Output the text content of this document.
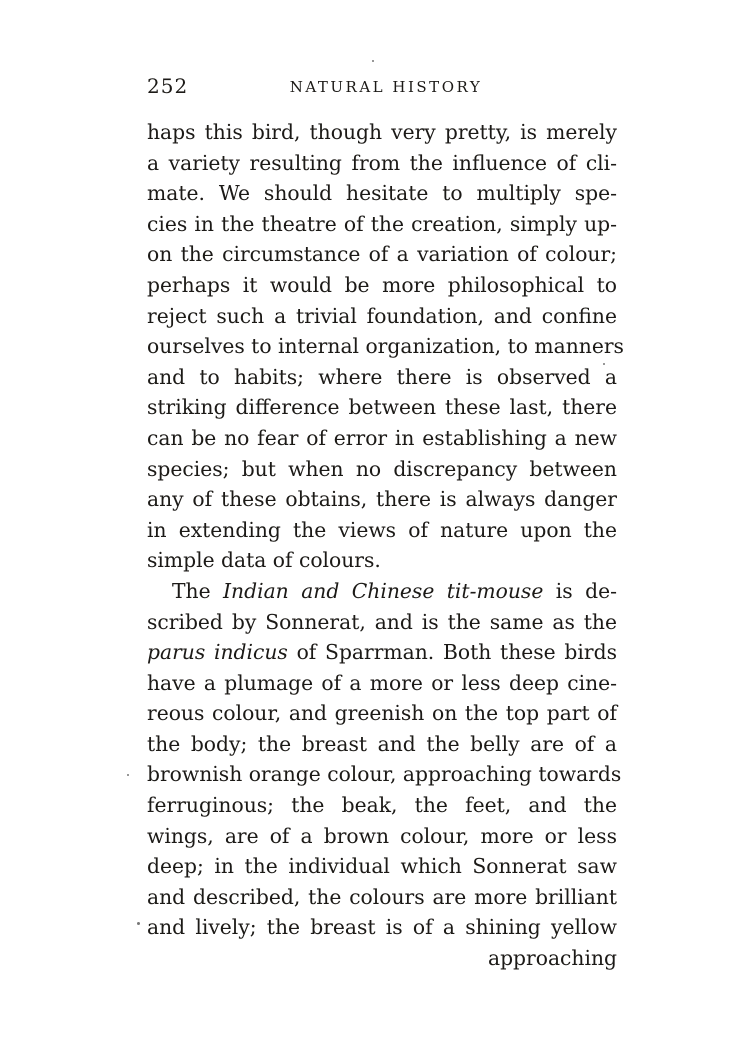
252	NATURAL HISTORY
haps this bird, though very pretty, is merely
a variety resulting from the influence of cli-
mate. We should hesitate to multiply spe-
cies in the theatre of the creation, simply up-
on the circumstance of a variation of colour;
perhaps it would be more philosophical to
reject such a trivial foundation, and confine
ourselves to internal organization, to manners
and to habits; where there is observed a
striking difference between these last, there
can be no fear of error in establishing a new
species; but when no discrepancy between
any of these obtains, there is always danger
in extending the views of nature upon the
simple data of colours.
The Indian and Chinese tit-mouse is de-
scribed by Sonnerat, and is the same as the
parus indicus of Sparrman. Both these birds
have a plumage of a more or less deep cine-
reous colour, and greenish on the top part of
the body; the breast and the belly are of a
brownish orange colour, approaching towards
ferruginous; the beak, the feet, and the
wings, are of a brown colour, more or less
deep; in the individual which Sonnerat saw
and described, the colours are more brilliant
and lively; the breast is of a shining yellow
approaching
